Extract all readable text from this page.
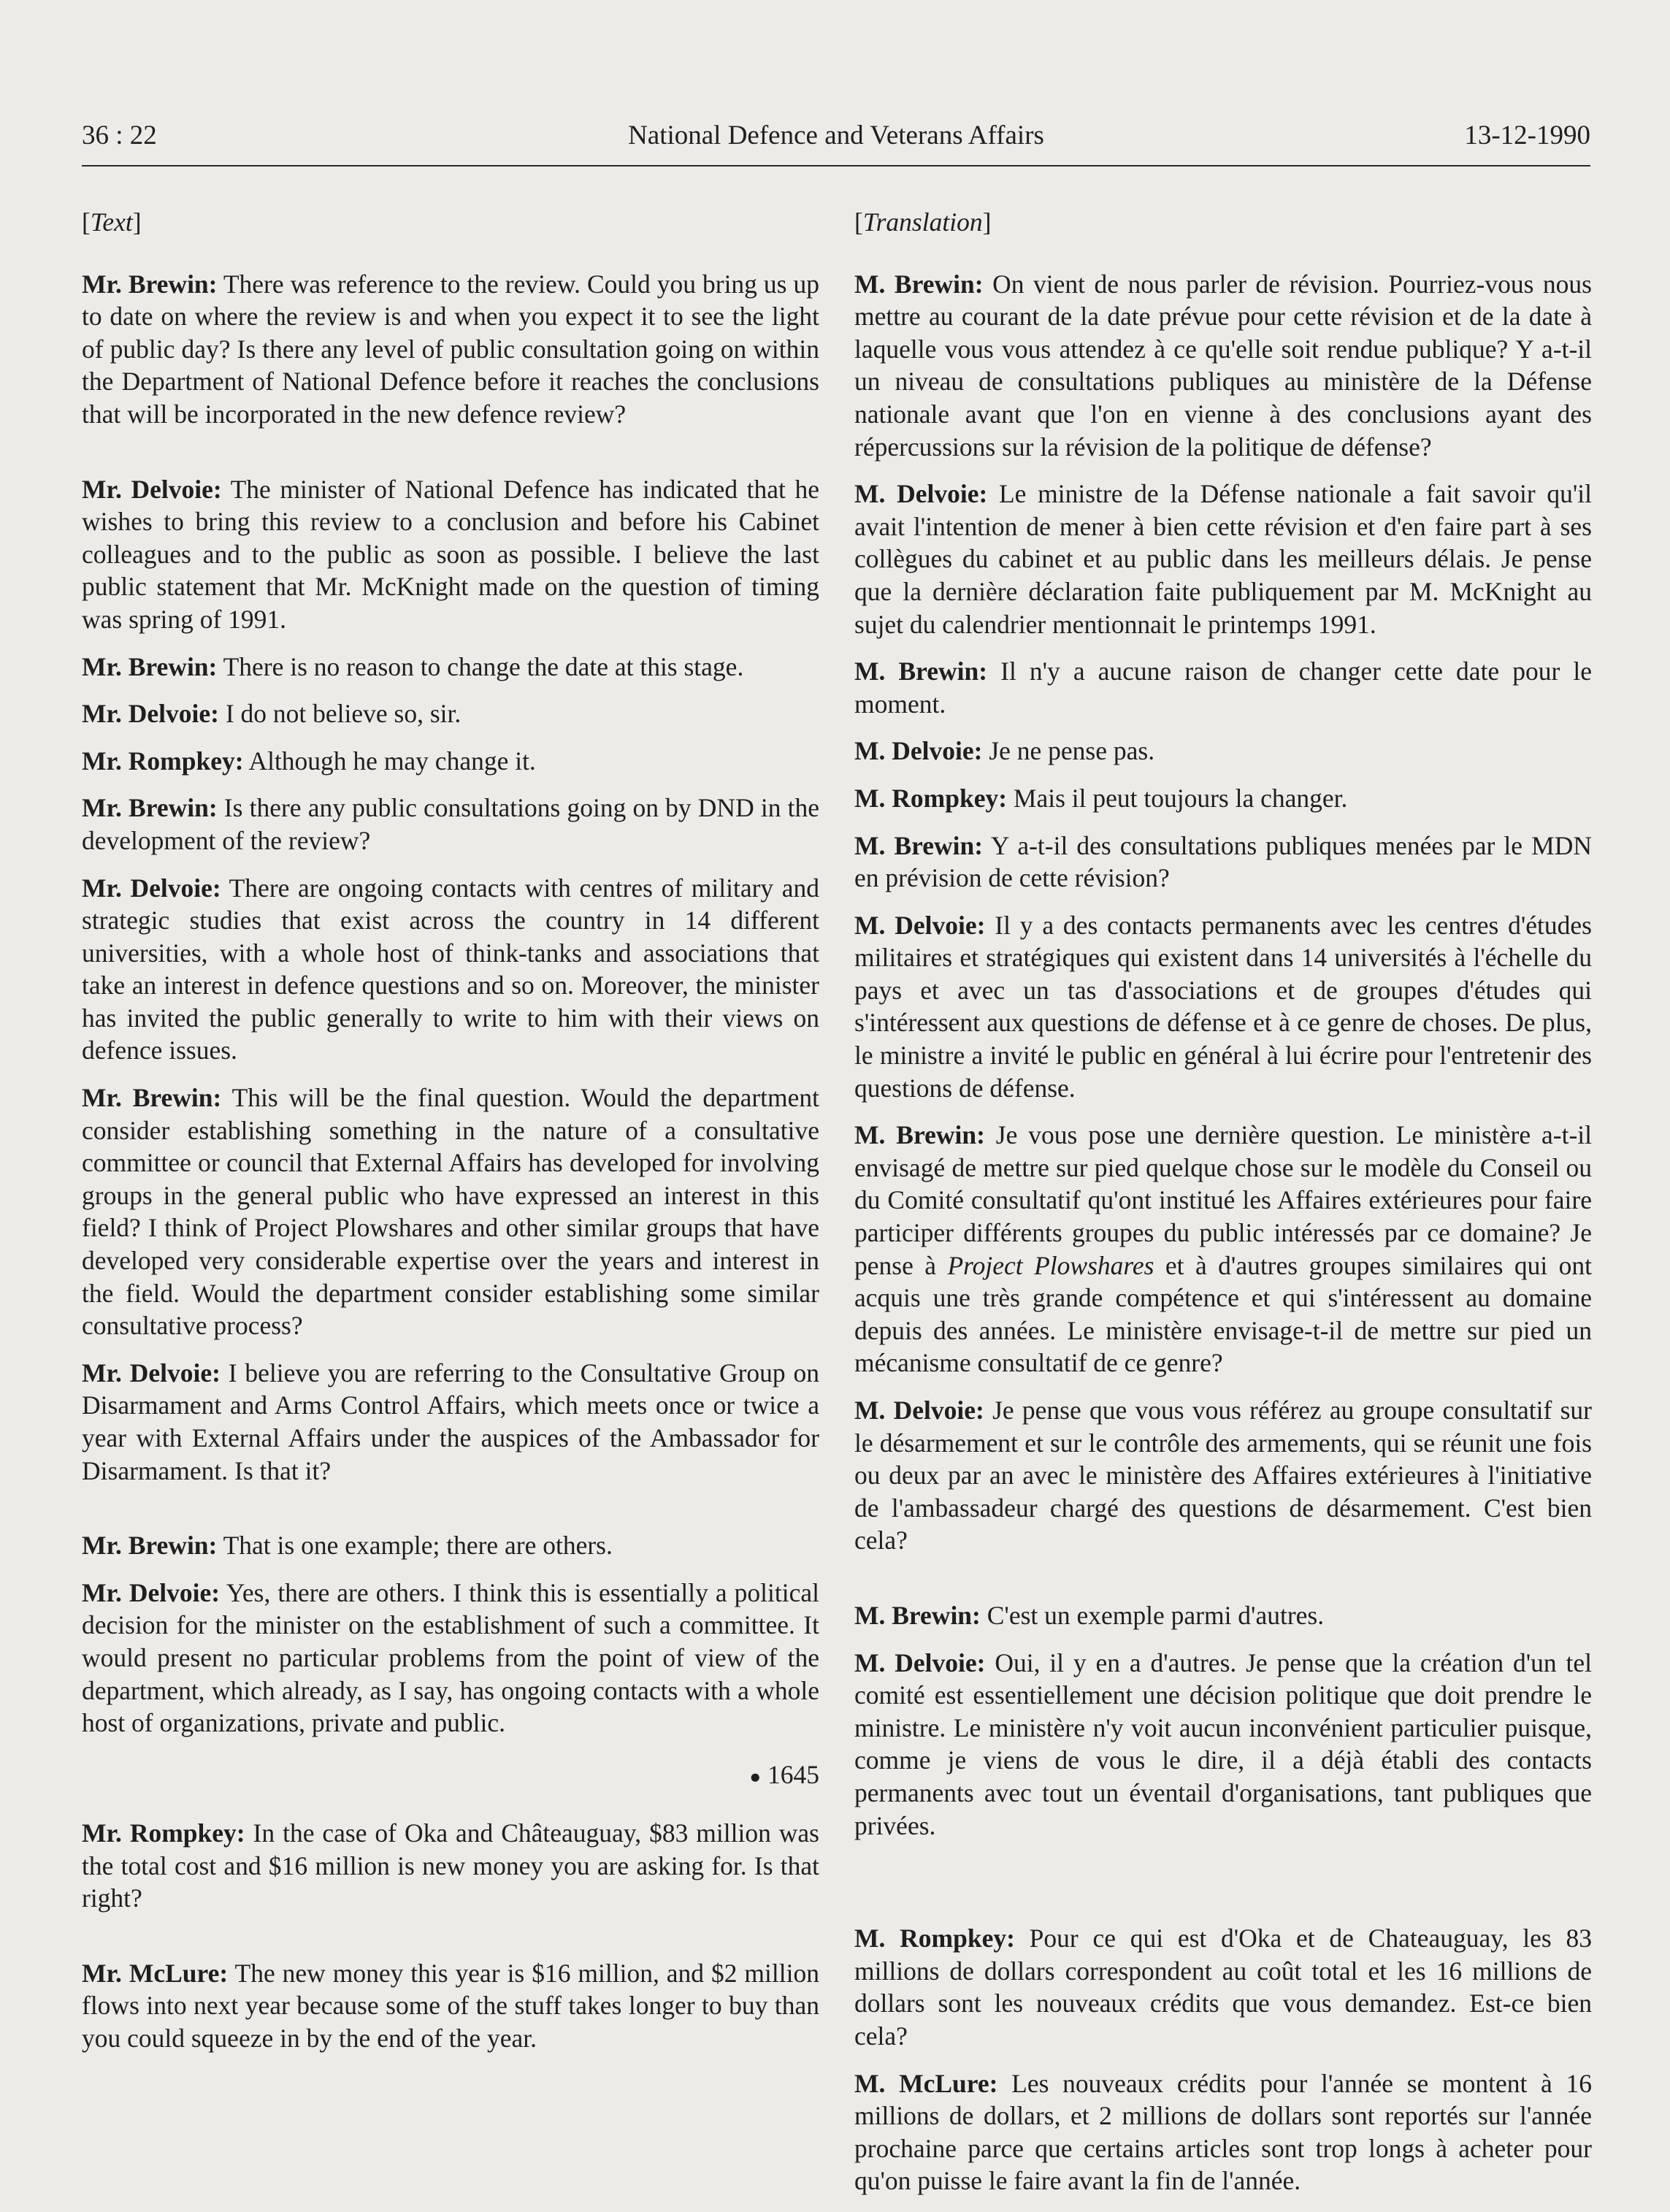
36 : 22	National Defence and Veterans Affairs	13-12-1990
[Text]

Mr. Brewin: There was reference to the review. Could you bring us up to date on where the review is and when you expect it to see the light of public day? Is there any level of public consultation going on within the Department of National Defence before it reaches the conclusions that will be incorporated in the new defence review?

Mr. Delvoie: The minister of National Defence has indicated that he wishes to bring this review to a conclusion and before his Cabinet colleagues and to the public as soon as possible. I believe the last public statement that Mr. McKnight made on the question of timing was spring of 1991.

Mr. Brewin: There is no reason to change the date at this stage.

Mr. Delvoie: I do not believe so, sir.

Mr. Rompkey: Although he may change it.

Mr. Brewin: Is there any public consultations going on by DND in the development of the review?

Mr. Delvoie: There are ongoing contacts with centres of military and strategic studies that exist across the country in 14 different universities, with a whole host of think-tanks and associations that take an interest in defence questions and so on. Moreover, the minister has invited the public generally to write to him with their views on defence issues.

Mr. Brewin: This will be the final question. Would the department consider establishing something in the nature of a consultative committee or council that External Affairs has developed for involving groups in the general public who have expressed an interest in this field? I think of Project Plowshares and other similar groups that have developed very considerable expertise over the years and interest in the field. Would the department consider establishing some similar consultative process?

Mr. Delvoie: I believe you are referring to the Consultative Group on Disarmament and Arms Control Affairs, which meets once or twice a year with External Affairs under the auspices of the Ambassador for Disarmament. Is that it?

Mr. Brewin: That is one example; there are others.

Mr. Delvoie: Yes, there are others. I think this is essentially a political decision for the minister on the establishment of such a committee. It would present no particular problems from the point of view of the department, which already, as I say, has ongoing contacts with a whole host of organizations, private and public.

● 1645

Mr. Rompkey: In the case of Oka and Châteauguay, $83 million was the total cost and $16 million is new money you are asking for. Is that right?

Mr. McLure: The new money this year is $16 million, and $2 million flows into next year because some of the stuff takes longer to buy than you could squeeze in by the end of the year.

[Translation]

M. Brewin: On vient de nous parler de révision. Pourriez-vous nous mettre au courant de la date prévue pour cette révision et de la date à laquelle vous vous attendez à ce qu'elle soit rendue publique? Y a-t-il un niveau de consultations publiques au ministère de la Défense nationale avant que l'on en vienne à des conclusions ayant des répercussions sur la révision de la politique de défense?

M. Delvoie: Le ministre de la Défense nationale a fait savoir qu'il avait l'intention de mener à bien cette révision et d'en faire part à ses collègues du cabinet et au public dans les meilleurs délais. Je pense que la dernière déclaration faite publiquement par M. McKnight au sujet du calendrier mentionnait le printemps 1991.

M. Brewin: Il n'y a aucune raison de changer cette date pour le moment.

M. Delvoie: Je ne pense pas.

M. Rompkey: Mais il peut toujours la changer.

M. Brewin: Y a-t-il des consultations publiques menées par le MDN en prévision de cette révision?

M. Delvoie: Il y a des contacts permanents avec les centres d'études militaires et stratégiques qui existent dans 14 universités à l'échelle du pays et avec un tas d'associations et de groupes d'études qui s'intéressent aux questions de défense et à ce genre de choses. De plus, le ministre a invité le public en général à lui écrire pour l'entretenir des questions de défense.

M. Brewin: Je vous pose une dernière question. Le ministère a-t-il envisagé de mettre sur pied quelque chose sur le modèle du Conseil ou du Comité consultatif qu'ont institué les Affaires extérieures pour faire participer différents groupes du public intéressés par ce domaine? Je pense à Project Plowshares et à d'autres groupes similaires qui ont acquis une très grande compétence et qui s'intéressent au domaine depuis des années. Le ministère envisage-t-il de mettre sur pied un mécanisme consultatif de ce genre?

M. Delvoie: Je pense que vous vous référez au groupe consultatif sur le désarmement et sur le contrôle des armements, qui se réunit une fois ou deux par an avec le ministère des Affaires extérieures à l'initiative de l'ambassadeur chargé des questions de désarmement. C'est bien cela?

M. Brewin: C'est un exemple parmi d'autres.

M. Delvoie: Oui, il y en a d'autres. Je pense que la création d'un tel comité est essentiellement une décision politique que doit prendre le ministre. Le ministère n'y voit aucun inconvénient particulier puisque, comme je viens de vous le dire, il a déjà établi des contacts permanents avec tout un éventail d'organisations, tant publiques que privées.

M. Rompkey: Pour ce qui est d'Oka et de Chateauguay, les 83 millions de dollars correspondent au coût total et les 16 millions de dollars sont les nouveaux crédits que vous demandez. Est-ce bien cela?

M. McLure: Les nouveaux crédits pour l'année se montent à 16 millions de dollars, et 2 millions de dollars sont reportés sur l'année prochaine parce que certains articles sont trop longs à acheter pour qu'on puisse le faire avant la fin de l'année.
